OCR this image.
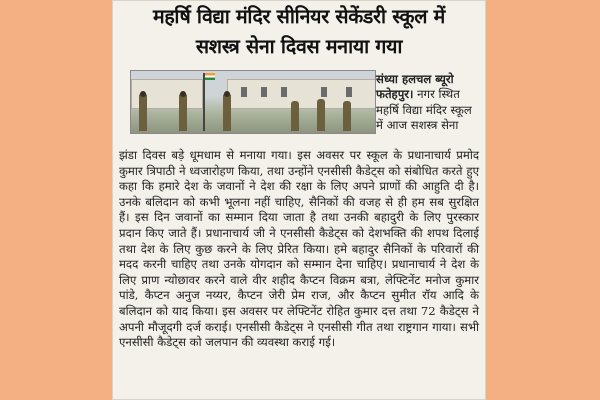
महर्षि विद्या मंदिर सीनियर सेकेंडरी स्कूल में
सशस्त्र सेना दिवस मनाया गया
संध्या हलचल ब्यूरो फतेहपुर। नगर स्थित महर्षि विद्या मंदिर स्कूल में आज सशस्त्र सेना
झंडा दिवस बड़े धूमधाम से मनाया गया। इस अवसर पर स्कूल के प्रधानाचार्य प्रमोद कुमार त्रिपाठी ने ध्वजारोहण किया, तथा उन्होंने एनसीसी कैडेट्स को संबोधित करते हुए कहा कि हमारे देश के जवानों ने देश की रक्षा के लिए अपने प्राणों की आहुति दी है। उनके बलिदान को कभी भूलना नहीं चाहिए, सैनिकों की वजह से ही हम सब सुरक्षित हैं। इस दिन जवानों का सम्मान दिया जाता है तथा उनकी बहादुरी के लिए पुरस्कार प्रदान किए जाते हैं। प्रधानाचार्य जी ने एनसीसी कैडेट्स को देशभक्ति की शपथ दिलाई तथा देश के लिए कुछ करने के लिए प्रेरित किया। हमे बहादुर सैनिकों के परिवारों की मदद करनी चाहिए तथा उनके योगदान को सम्मान देना चाहिए। प्रधानाचार्य ने देश के लिए प्राण न्योछावर करने वाले वीर शहीद कैप्टन विक्रम बत्रा, लेफ्टिनेंट मनोज कुमार पांडे, कैप्टन अनुज नय्यर, कैप्टन जेरी प्रेम राज, और कैप्टन सुमीत रॉय आदि के बलिदान को याद किया। इस अवसर पर लेफ्टिनेंट रोहित कुमार दत्त तथा 72 कैडेट्स ने अपनी मौजूदगी दर्ज कराई। एनसीसी कैडेट्स ने एनसीसी गीत तथा राष्ट्रगान गाया। सभी एनसीसी कैडेट्स को जलपान की व्यवस्था कराई गई।
